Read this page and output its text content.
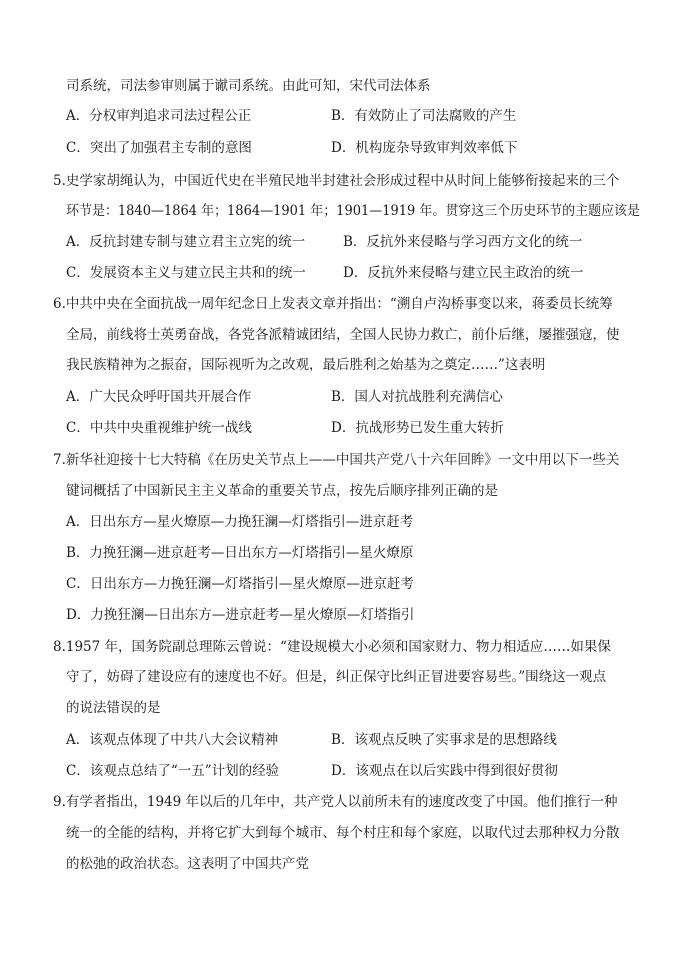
司系统，司法参审则属于谳司系统。由此可知，宋代司法体系
A．分权审判追求司法过程公正	B．有效防止了司法腐败的产生
C．突出了加强君主专制的意图	D．机构庞杂导致审判效率低下
5.史学家胡绳认为，中国近代史在半殖民地半封建社会形成过程中从时间上能够衔接起来的三个
环节是：1840—1864 年；1864—1901 年；1901—1919 年。贯穿这三个历史环节的主题应该是
A．反抗封建专制与建立君主立宪的统一	B．反抗外来侵略与学习西方文化的统一
C．发展资本主义与建立民主共和的统一	D．反抗外来侵略与建立民主政治的统一
6.中共中央在全面抗战一周年纪念日上发表文章并指出：“溯自卢沟桥事变以来，蒋委员长统筹
全局，前线将士英勇奋战，各党各派精诚团结，全国人民协力救亡，前仆后继，屡摧强寇，使
我民族精神为之振奋，国际视听为之改观，最后胜利之始基为之奠定……”这表明
A．广大民众呼吁国共开展合作	B．国人对抗战胜利充满信心
C．中共中央重视维护统一战线	D．抗战形势已发生重大转折
7.新华社迎接十七大特稿《在历史关节点上——中国共产党八十六年回眸》一文中用以下一些关
键词概括了中国新民主主义革命的重要关节点，按先后顺序排列正确的是
A．日出东方—星火燎原—力挽狂澜—灯塔指引—进京赶考
B．力挽狂澜—进京赶考—日出东方—灯塔指引—星火燎原
C．日出东方—力挽狂澜—灯塔指引—星火燎原—进京赶考
D．力挽狂澜—日出东方—进京赶考—星火燎原—灯塔指引
8.1957 年，国务院副总理陈云曾说：“建设规模大小必须和国家财力、物力相适应……如果保
守了，妨碍了建设应有的速度也不好。但是，纠正保守比纠正冒进要容易些。”围绕这一观点
的说法错误的是
A．该观点体现了中共八大会议精神	B．该观点反映了实事求是的思想路线
C．该观点总结了“一五”计划的经验	D．该观点在以后实践中得到很好贯彻
9.有学者指出，1949 年以后的几年中，共产党人以前所未有的速度改变了中国。他们推行一种
统一的全能的结构，并将它扩大到每个城市、每个村庄和每个家庭，以取代过去那种权力分散
的松弛的政治状态。这表明了中国共产党
